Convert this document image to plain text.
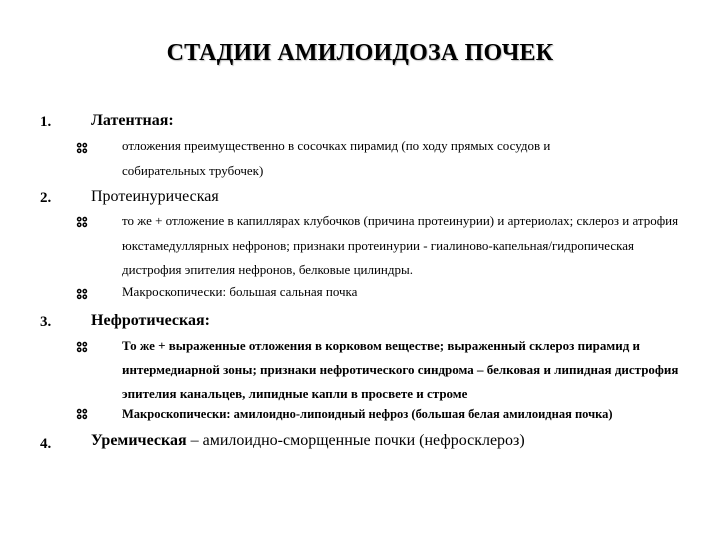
СТАДИИ АМИЛОИДОЗА ПОЧЕК
1. Латентная:
отложения преимущественно в сосочках пирамид (по ходу прямых сосудов и собирательных трубочек)
2. Протеинурическая
то же + отложение в капиллярах клубочков (причина протеинурии) и артериолах; склероз и атрофия юкстамедуллярных нефронов; признаки протеинурии - гиалиново-капельная/гидропическая дистрофия эпителия нефронов, белковые цилиндры.
Макроскопически: большая сальная почка
3. Нефротическая:
То же + выраженные отложения в корковом веществе; выраженный склероз пирамид и интермедиарной зоны; признаки нефротического синдрома – белковая и липидная дистрофия эпителия канальцев, липидные капли в просвете и строме
Макроскопически: амилоидно-липоидный нефроз (большая белая амилоидная почка)
4. Уремическая – амилоидно-сморщенные почки (нефросклероз)
